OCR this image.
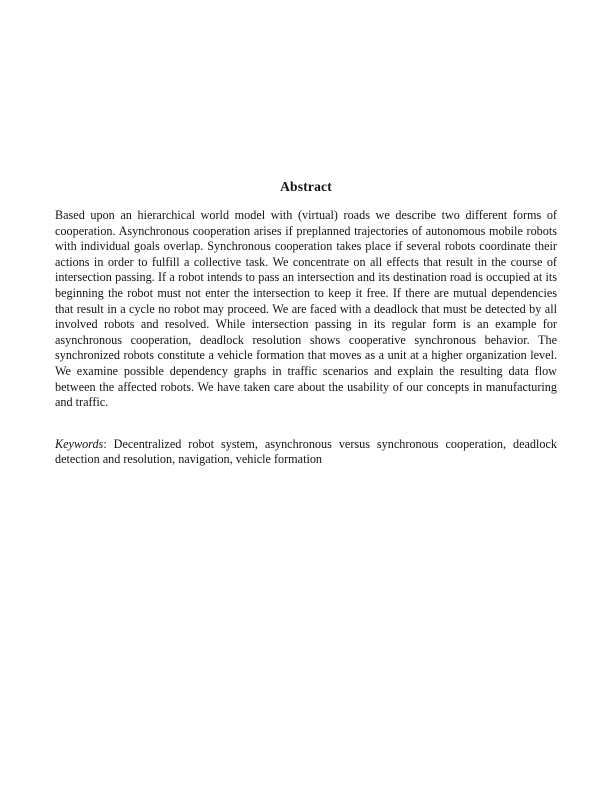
Abstract

Based upon an hierarchical world model with (virtual) roads we describe two different forms of cooperation. Asynchronous cooperation arises if preplanned trajectories of autonomous mobile robots with individual goals overlap. Synchronous cooperation takes place if several robots coordinate their actions in order to fulfill a collective task. We concentrate on all effects that result in the course of intersection passing. If a robot intends to pass an intersection and its destination road is occupied at its beginning the robot must not enter the intersection to keep it free. If there are mutual dependencies that result in a cycle no robot may proceed. We are faced with a deadlock that must be detected by all involved robots and resolved. While intersection passing in its regular form is an example for asynchronous cooperation, deadlock resolution shows cooperative synchronous behavior. The synchronized robots constitute a vehicle formation that moves as a unit at a higher organization level. We examine possible dependency graphs in traffic scenarios and explain the resulting data flow between the affected robots. We have taken care about the usability of our concepts in manufacturing and traffic.

Keywords: Decentralized robot system, asynchronous versus synchronous cooperation, deadlock detection and resolution, navigation, vehicle formation
